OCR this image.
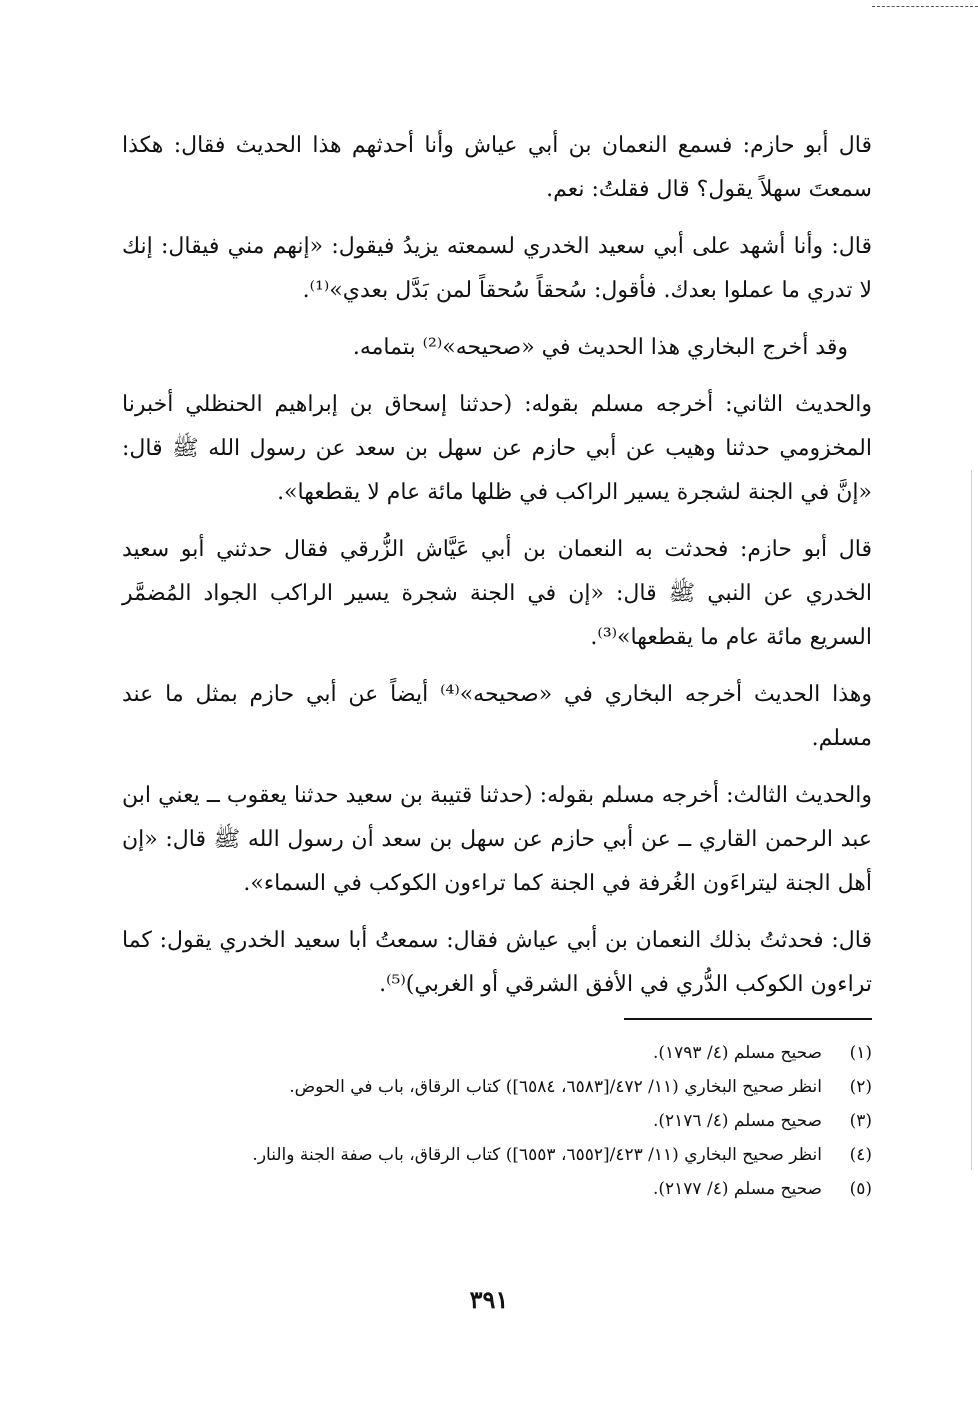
قال أبو حازم: فسمع النعمان بن أبي عياش وأنا أحدثهم هذا الحديث فقال: هكذا سمعتَ سهلاً يقول؟ قال فقلتُ: نعم.

قال: وأنا أشهد على أبي سعيد الخدري لسمعته يزيدُ فيقول: «إنهم مني فيقال: إنك لا تدري ما عملوا بعدك. فأقول: سُحقاً سُحقاً لمن بَدَّل بعدي»⁽¹⁾.

وقد أخرج البخاري هذا الحديث في «صحيحه»⁽²⁾ بتمامه.

والحديث الثاني: أخرجه مسلم بقوله: (حدثنا إسحاق بن إبراهيم الحنظلي أخبرنا المخزومي حدثنا وهيب عن أبي حازم عن سهل بن سعد عن رسول الله ﷺ قال: «إنَّ في الجنة لشجرة يسير الراكب في ظلها مائة عام لا يقطعها».

قال أبو حازم: فحدثت به النعمان بن أبي عَيَّاش الزُّرقي فقال حدثني أبو سعيد الخدري عن النبي ﷺ قال: «إن في الجنة شجرة يسير الراكب الجواد المُضمَّر السريع مائة عام ما يقطعها»⁽³⁾.

وهذا الحديث أخرجه البخاري في «صحيحه»⁽⁴⁾ أيضاً عن أبي حازم بمثل ما عند مسلم.

والحديث الثالث: أخرجه مسلم بقوله: (حدثنا قتيبة بن سعيد حدثنا يعقوب ــ يعني ابن عبد الرحمن القاري ــ عن أبي حازم عن سهل بن سعد أن رسول الله ﷺ قال: «إن أهل الجنة ليتراءَون الغُرفة في الجنة كما تراءون الكوكب في السماء».

قال: فحدثتُ بذلك النعمان بن أبي عياش فقال: سمعتُ أبا سعيد الخدري يقول: كما تراءون الكوكب الدُّري في الأفق الشرقي أو الغربي)⁽⁵⁾.

(١)
صحيح مسلم (٤/ ١٧٩٣).

(٢)
انظر صحيح البخاري (١١/ ٤٧٢/[٦٥٨٣، ٦٥٨٤]) كتاب الرقاق، باب في الحوض.

(٣)
صحيح مسلم (٤/ ٢١٧٦).

(٤)
انظر صحيح البخاري (١١/ ٤٢٣/[٦٥٥٢، ٦٥٥٣]) كتاب الرقاق، باب صفة الجنة والنار.

(٥)
صحيح مسلم (٤/ ٢١٧٧).

٣٩١
